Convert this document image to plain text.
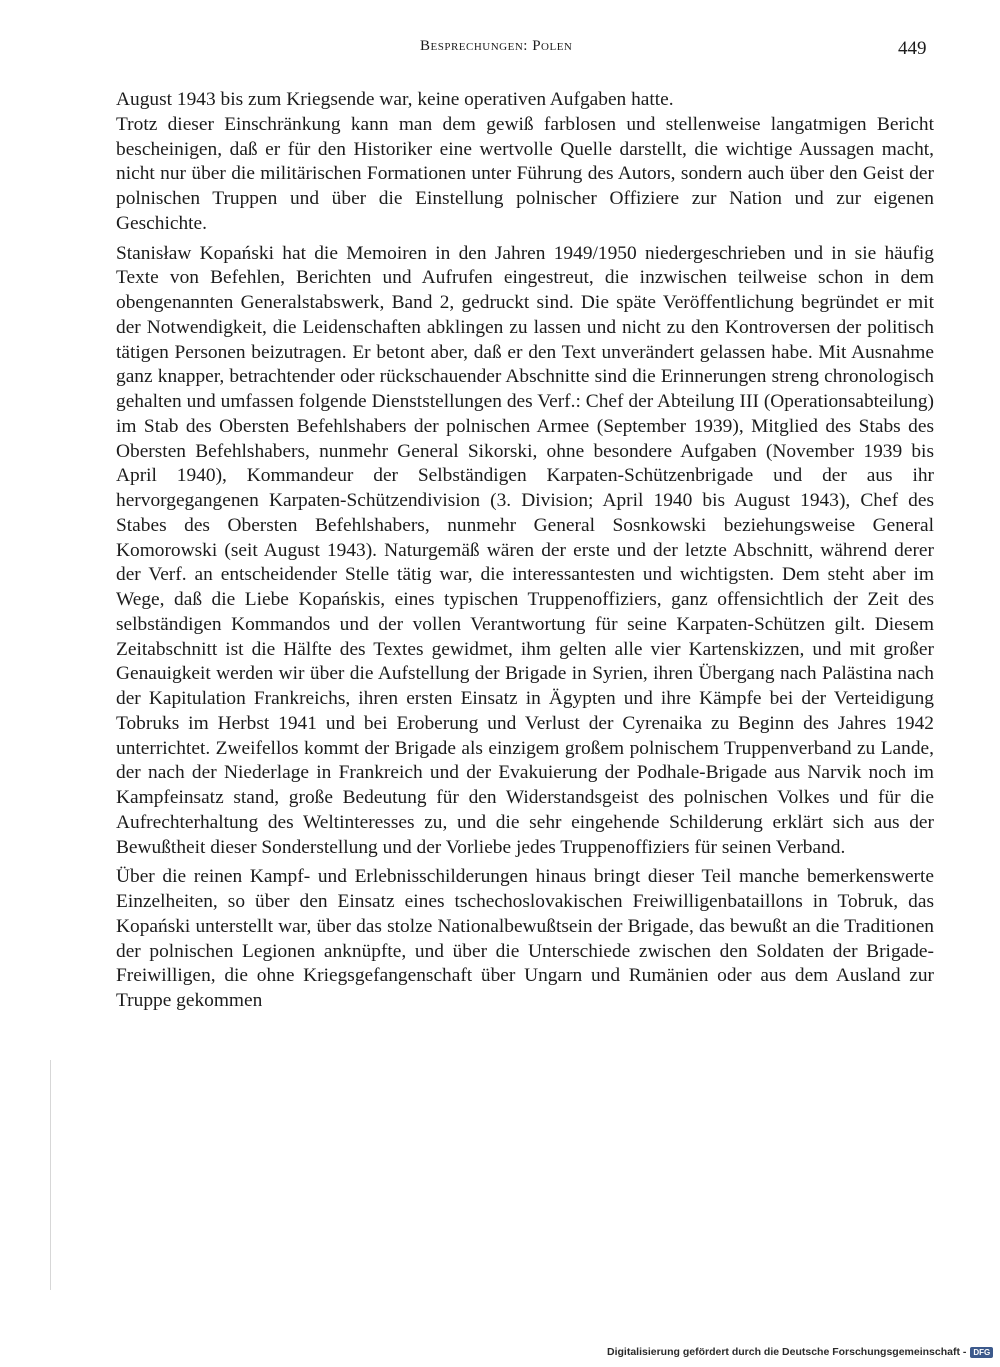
Besprechungen: Polen	449

August 1943 bis zum Kriegsende war, keine operativen Aufgaben hatte.

Trotz dieser Einschränkung kann man dem gewiß farblosen und stellenweise langatmigen Bericht bescheinigen, daß er für den Historiker eine wertvolle Quelle darstellt, die wichtige Aussagen macht, nicht nur über die militärischen Formationen unter Führung des Autors, sondern auch über den Geist der polnischen Truppen und über die Einstellung polnischer Offiziere zur Nation und zur eigenen Geschichte.

Stanisław Kopański hat die Memoiren in den Jahren 1949/1950 niedergeschrieben und in sie häufig Texte von Befehlen, Berichten und Aufrufen eingestreut, die inzwischen teilweise schon in dem obengenannten Generalstabswerk, Band 2, gedruckt sind. Die späte Veröffentlichung begründet er mit der Notwendigkeit, die Leidenschaften abklingen zu lassen und nicht zu den Kontroversen der politisch tätigen Personen beizutragen. Er betont aber, daß er den Text unverändert gelassen habe. Mit Ausnahme ganz knapper, betrachtender oder rückschauender Abschnitte sind die Erinnerungen streng chronologisch gehalten und umfassen folgende Dienststellungen des Verf.: Chef der Abteilung III (Operationsabteilung) im Stab des Obersten Befehlshabers der polnischen Armee (September 1939), Mitglied des Stabs des Obersten Befehlshabers, nunmehr General Sikorski, ohne besondere Aufgaben (November 1939 bis April 1940), Kommandeur der Selbständigen Karpaten-Schützenbrigade und der aus ihr hervorgegangenen Karpaten-Schützendivision (3. Division; April 1940 bis August 1943), Chef des Stabes des Obersten Befehlshabers, nunmehr General Sosnkowski beziehungsweise General Komorowski (seit August 1943). Naturgemäß wären der erste und der letzte Abschnitt, während derer der Verf. an entscheidender Stelle tätig war, die interessantesten und wichtigsten. Dem steht aber im Wege, daß die Liebe Kopańskis, eines typischen Truppenoffiziers, ganz offensichtlich der Zeit des selbständigen Kommandos und der vollen Verantwortung für seine Karpaten-Schützen gilt. Diesem Zeitabschnitt ist die Hälfte des Textes gewidmet, ihm gelten alle vier Kartenskizzen, und mit großer Genauigkeit werden wir über die Aufstellung der Brigade in Syrien, ihren Übergang nach Palästina nach der Kapitulation Frankreichs, ihren ersten Einsatz in Ägypten und ihre Kämpfe bei der Verteidigung Tobruks im Herbst 1941 und bei Eroberung und Verlust der Cyrenaika zu Beginn des Jahres 1942 unterrichtet. Zweifellos kommt der Brigade als einzigem großem polnischem Truppenverband zu Lande, der nach der Niederlage in Frankreich und der Evakuierung der Podhale-Brigade aus Narvik noch im Kampfeinsatz stand, große Bedeutung für den Widerstandsgeist des polnischen Volkes und für die Aufrechterhaltung des Weltinteresses zu, und die sehr eingehende Schilderung erklärt sich aus der Bewußtheit dieser Sonderstellung und der Vorliebe jedes Truppenoffiziers für seinen Verband.

Über die reinen Kampf- und Erlebnisschilderungen hinaus bringt dieser Teil manche bemerkenswerte Einzelheiten, so über den Einsatz eines tschechoslovakischen Freiwilligenbataillons in Tobruk, das Kopański unterstellt war, über das stolze Nationalbewußtsein der Brigade, das bewußt an die Traditionen der polnischen Legionen anknüpfte, und über die Unterschiede zwischen den Soldaten der Brigade-Freiwilligen, die ohne Kriegsgefangenschaft über Ungarn und Rumänien oder aus dem Ausland zur Truppe gekommen

Digitalisierung gefördert durch die Deutsche Forschungsgemeinschaft - DFG
